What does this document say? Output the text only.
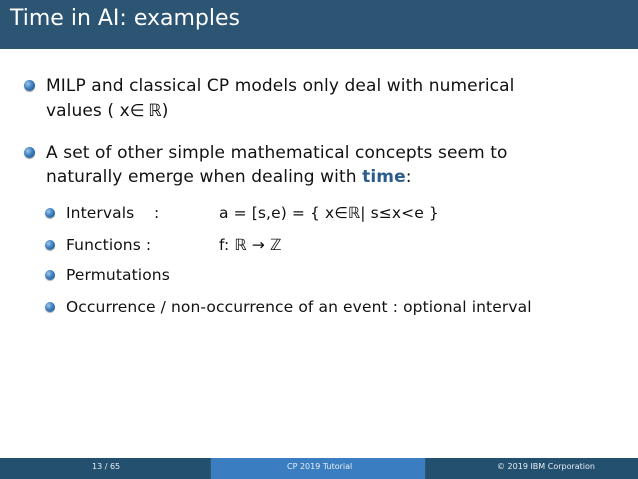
Time in AI: examples
MILP and classical CP models only deal with numerical
values ( x∈ ℝ)
A set of other simple mathematical concepts seem to
naturally emerge when dealing with time:
Intervals :	a = [s,e) = { x∈ℝ| s≤x<e }
Functions :	f: ℝ → ℤ
Permutations
Occurrence / non-occurrence of an event : optional interval
13 / 65	CP 2019 Tutorial	© 2019 IBM Corporation
